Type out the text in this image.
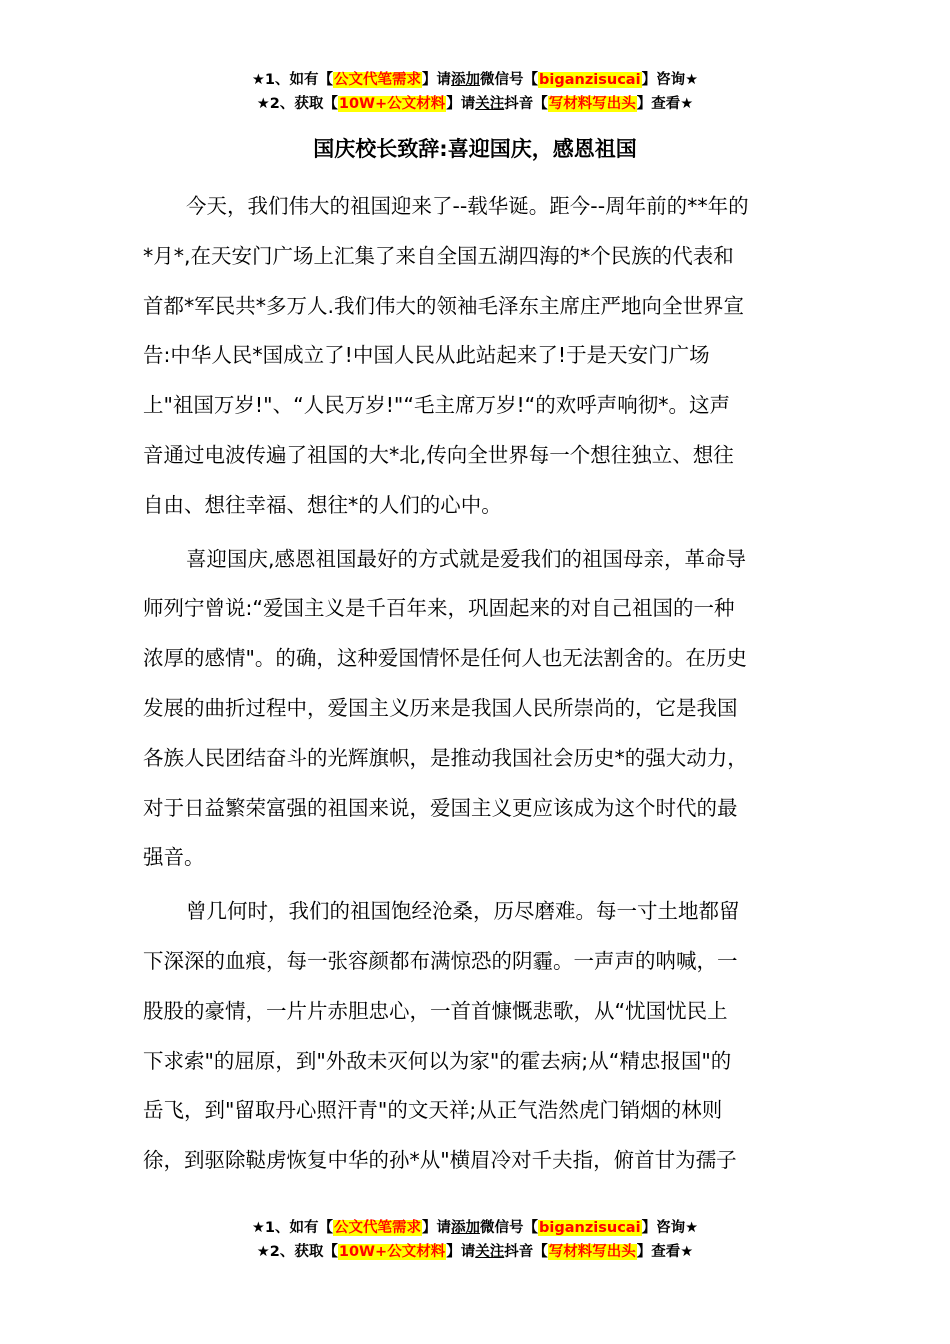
★1、如有【公文代笔需求】请添加微信号【biganzisucai】咨询★
★2、获取【10W+公文材料】请关注抖音【写材料写出头】查看★
国庆校长致辞:喜迎国庆，感恩祖国
今天，我们伟大的祖国迎来了--载华诞。距今--周年前的**年的
*月*,在天安门广场上汇集了来自全国五湖四海的*个民族的代表和
首都*军民共*多万人.我们伟大的领袖毛泽东主席庄严地向全世界宣
告:中华人民*国成立了!中国人民从此站起来了!于是天安门广场
上"祖国万岁!"、“人民万岁!"“毛主席万岁!“的欢呼声响彻*。这声
音通过电波传遍了祖国的大*北,传向全世界每一个想往独立、想往
自由、想往幸福、想往*的人们的心中。
喜迎国庆,感恩祖国最好的方式就是爱我们的祖国母亲，革命导
师列宁曾说:“爱国主义是千百年来，巩固起来的对自己祖国的一种
浓厚的感情"。的确，这种爱国情怀是任何人也无法割舍的。在历史
发展的曲折过程中，爱国主义历来是我国人民所崇尚的，它是我国
各族人民团结奋斗的光辉旗帜，是推动我国社会历史*的强大动力，
对于日益繁荣富强的祖国来说，爱国主义更应该成为这个时代的最
强音。
曾几何时，我们的祖国饱经沧桑，历尽磨难。每一寸土地都留
下深深的血痕，每一张容颜都布满惊恐的阴霾。一声声的呐喊，一
股股的豪情，一片片赤胆忠心，一首首慷慨悲歌，从“忧国忧民上
下求索"的屈原，到"外敌未灭何以为家"的霍去病;从“精忠报国"的
岳飞，到"留取丹心照汗青"的文天祥;从正气浩然虎门销烟的林则
徐，到驱除鞑虏恢复中华的孙*从"横眉冷对千夫指，俯首甘为孺子
★1、如有【公文代笔需求】请添加微信号【biganzisucai】咨询★
★2、获取【10W+公文材料】请关注抖音【写材料写出头】查看★
